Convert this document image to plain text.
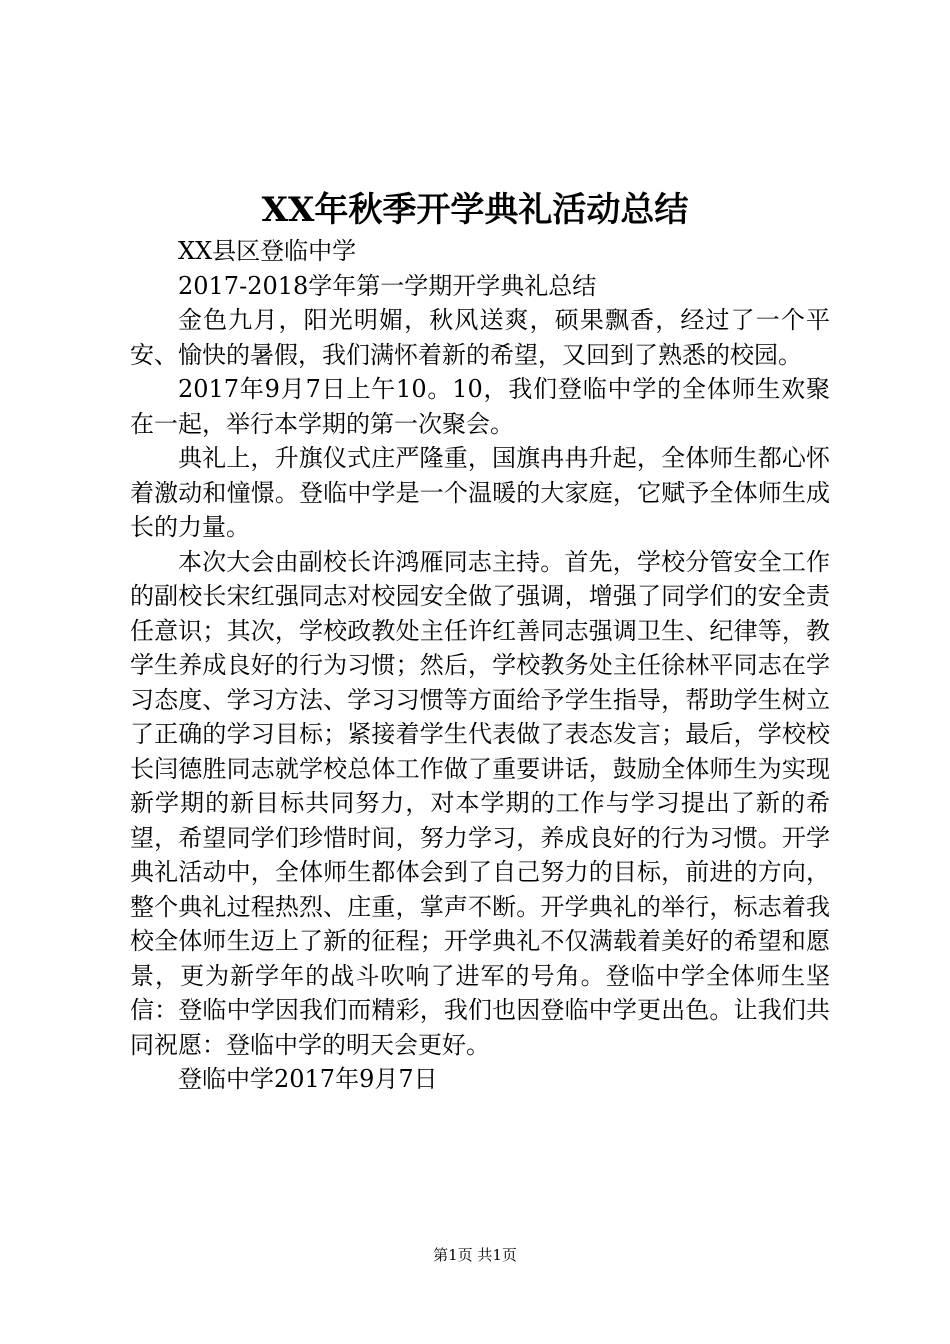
XX年秋季开学典礼活动总结

XX县区登临中学

2017-2018学年第一学期开学典礼总结

金色九月，阳光明媚，秋风送爽，硕果飘香，经过了一个平安、愉快的暑假，我们满怀着新的希望，又回到了熟悉的校园。

2017年9月7日上午10。10，我们登临中学的全体师生欢聚在一起，举行本学期的第一次聚会。

典礼上，升旗仪式庄严隆重，国旗冉冉升起，全体师生都心怀着激动和憧憬。登临中学是一个温暖的大家庭，它赋予全体师生成长的力量。

本次大会由副校长许鸿雁同志主持。首先，学校分管安全工作的副校长宋红强同志对校园安全做了强调，增强了同学们的安全责任意识；其次，学校政教处主任许红善同志强调卫生、纪律等，教学生养成良好的行为习惯；然后，学校教务处主任徐林平同志在学习态度、学习方法、学习习惯等方面给予学生指导，帮助学生树立了正确的学习目标；紧接着学生代表做了表态发言；最后，学校校长闫德胜同志就学校总体工作做了重要讲话，鼓励全体师生为实现新学期的新目标共同努力，对本学期的工作与学习提出了新的希望，希望同学们珍惜时间，努力学习，养成良好的行为习惯。开学典礼活动中，全体师生都体会到了自己努力的目标，前进的方向，整个典礼过程热烈、庄重，掌声不断。开学典礼的举行，标志着我校全体师生迈上了新的征程；开学典礼不仅满载着美好的希望和愿景，更为新学年的战斗吹响了进军的号角。登临中学全体师生坚信：登临中学因我们而精彩，我们也因登临中学更出色。让我们共同祝愿：登临中学的明天会更好。

登临中学2017年9月7日

第1页 共1页
